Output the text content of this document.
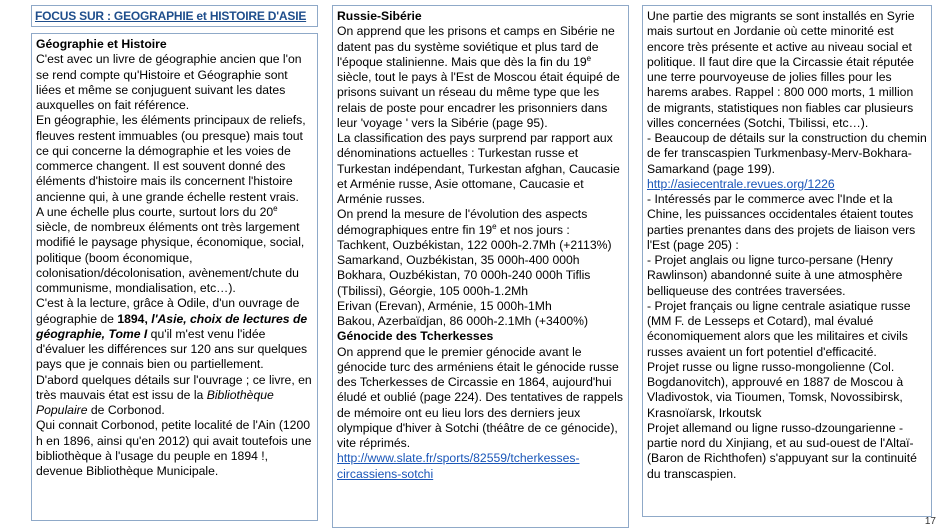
FOCUS SUR : GEOGRAPHIE et HISTOIRE D'ASIE

Géographie et Histoire

C'est avec un livre de géographie ancien que l'on se rend compte qu'Histoire et Géographie sont liées et même se conjuguent suivant les dates auxquelles on fait référence.

En géographie, les éléments principaux de reliefs, fleuves restent immuables (ou presque) mais tout ce qui concerne la démographie et les voies de commerce changent. Il est souvent donné des éléments d'histoire mais ils concernent l'histoire ancienne qui, à une grande échelle restent vrais.

A une échelle plus courte, surtout lors du 20e siècle, de nombreux éléments ont très largement modifié le paysage physique, économique, social, politique (boom économique, colonisation/décolonisation, avènement/chute du communisme, mondialisation, etc…).

C'est à la lecture, grâce à Odile, d'un ouvrage de géographie de 1894, l'Asie, choix de lectures de géographie, Tome I qu'il m'est venu l'idée d'évaluer les différences sur 120 ans sur quelques pays que je connais bien ou partiellement.

D'abord quelques détails sur l'ouvrage ; ce livre, en très mauvais état est issu de la Bibliothèque Populaire de Corbonod.

Qui connait Corbonod, petite localité de l'Ain (1200 h en 1896, ainsi qu'en 2012) qui avait toutefois une bibliothèque à l'usage du peuple en 1894 !, devenue Bibliothèque Municipale.

Russie-Sibérie

On apprend que les prisons et camps en Sibérie ne datent pas du système soviétique et plus tard de l'époque stalinienne. Mais que dès la fin du 19e siècle, tout le pays à l'Est de Moscou était équipé de prisons suivant un réseau du même type que les relais de poste pour encadrer les prisonniers dans leur 'voyage ' vers la Sibérie (page 95).

La classification des pays surprend par rapport aux dénominations actuelles : Turkestan russe et Turkestan indépendant, Turkestan afghan, Caucasie et Arménie russe, Asie ottomane, Caucasie et Arménie russes.

On prend la mesure de l'évolution des aspects démographiques entre fin 19e et nos jours :

Tachkent, Ouzbékistan, 122 000h-2.7Mh (+2113%)

Samarkand, Ouzbékistan, 35 000h-400 000h

Bokhara, Ouzbékistan, 70 000h-240 000h Tiflis (Tbilissi), Géorgie, 105 000h-1.2Mh

Erivan (Erevan), Arménie, 15 000h-1Mh

Bakou, Azerbaïdjan, 86 000h-2.1Mh (+3400%)

Génocide des Tcherkesses

On apprend que le premier génocide avant le génocide turc des arméniens était le génocide russe des Tcherkesses de Circassie en 1864, aujourd'hui éludé et oublié (page 224). Des tentatives de rappels de mémoire ont eu lieu lors des derniers jeux olympique d'hiver à Sotchi (théâtre de ce génocide), vite réprimés.

http://www.slate.fr/sports/82559/tcherkesses-circassiens-sotchi

Une partie des migrants se sont installés en Syrie mais surtout en Jordanie où cette minorité est encore très présente et active au niveau social et politique. Il faut dire que la Circassie était réputée une terre pourvoyeuse de jolies filles pour les harems arabes. Rappel : 800 000 morts, 1 million de migrants, statistiques non fiables car plusieurs villes concernées (Sotchi, Tbilissi, etc…).

- Beaucoup de détails sur la construction du chemin de fer transcaspien Turkmenbasy-Merv-Bokhara-Samarkand (page 199).

http://asiecentrale.revues.org/1226

- Intéressés par le commerce avec l'Inde et la Chine, les puissances occidentales étaient toutes parties prenantes dans des projets de liaison vers l'Est (page 205) :

- Projet anglais ou ligne turco-persane (Henry Rawlinson) abandonné suite à une atmosphère belliqueuse des contrées traversées.

- Projet français ou ligne centrale asiatique russe (MM F. de Lesseps et Cotard), mal évalué économiquement alors que les militaires et civils russes avaient un fort potentiel d'efficacité.

Projet russe ou ligne russo-mongolienne (Col. Bogdanovitch), approuvé en 1887 de Moscou à Vladivostok, via Tioumen, Tomsk, Novossibirsk, Krasnoïarsk, Irkoutsk

Projet allemand ou ligne russo-dzoungarienne - partie nord du Xinjiang, et au sud-ouest de l'Altaï- (Baron de Richthofen) s'appuyant sur la continuité du transcaspien.

17
